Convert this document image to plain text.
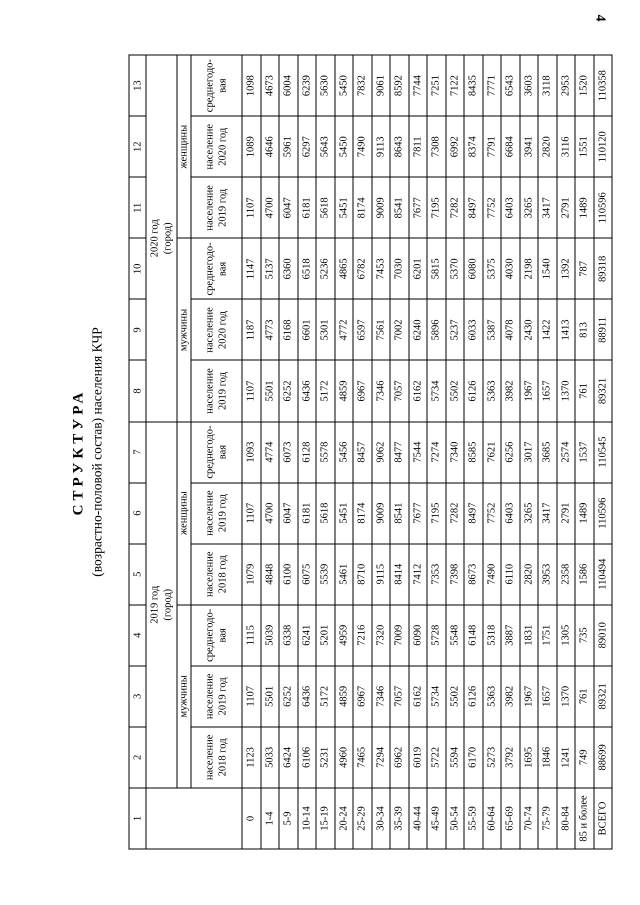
4
СТРУКТУРА (возрастно-половой состав) населения КЧР
1	2	3	4	5	6	7	8	9	10	11	12	13
	2019 год (город)						2020 год (город)					
	мужчины			женщины			мужчины			женщины		
	население 2018 год	население 2019 год	среднегодо- вая	население 2018 год	население 2019 год	среднегодо- вая	население 2019 год	население 2020 год	среднегодо- вая	население 2019 год	население 2020 год	среднегодо- вая
0	1123	1107	1115	1079	1107	1093	1107	1187	1147	1107	1089	1098
1-4	5033	5501	5039	4848	4700	4774	5501	4773	5137	4700	4646	4673
5-9	6424	6252	6338	6100	6047	6073	6252	6168	6360	6047	5961	6004
10-14	6106	6436	6241	6075	6181	6128	6436	6601	6518	6181	6297	6239
15-19	5231	5172	5201	5539	5618	5578	5172	5301	5236	5618	5643	5630
20-24	4960	4859	4959	5461	5451	5456	4859	4772	4865	5451	5450	5450
25-29	7465	6967	7216	8710	8174	8457	6967	6597	6782	8174	7490	7832
30-34	7294	7346	7320	9115	9009	9062	7346	7561	7453	9009	9113	9061
35-39	6962	7057	7009	8414	8541	8477	7057	7002	7030	8541	8643	8592
40-44	6019	6162	6090	7412	7677	7544	6162	6240	6201	7677	7811	7744
45-49	5722	5734	5728	7353	7195	7274	5734	5896	5815	7195	7308	7251
50-54	5594	5502	5548	7398	7282	7340	5502	5237	5370	7282	6992	7122
55-59	6170	6126	6148	8673	8497	8585	6126	6033	6080	8497	8374	8435
60-64	5273	5363	5318	7490	7752	7621	5363	5387	5375	7752	7791	7771
65-69	3792	3982	3887	6110	6403	6256	3982	4078	4030	6403	6684	6543
70-74	1695	1967	1831	2820	3265	3017	1967	2430	2198	3265	3941	3603
75-79	1846	1657	1751	3953	3417	3685	1657	1422	1540	3417	2820	3118
80-84	1241	1370	1305	2358	2791	2574	1370	1413	1392	2791	3116	2953
85 и более	749	761	735	1586	1489	1537	761	813	787	1489	1551	1520
ВСЕГО	88699	89321	89010	110494	110596	110545	89321	88911	89318	110596	110120	110358
